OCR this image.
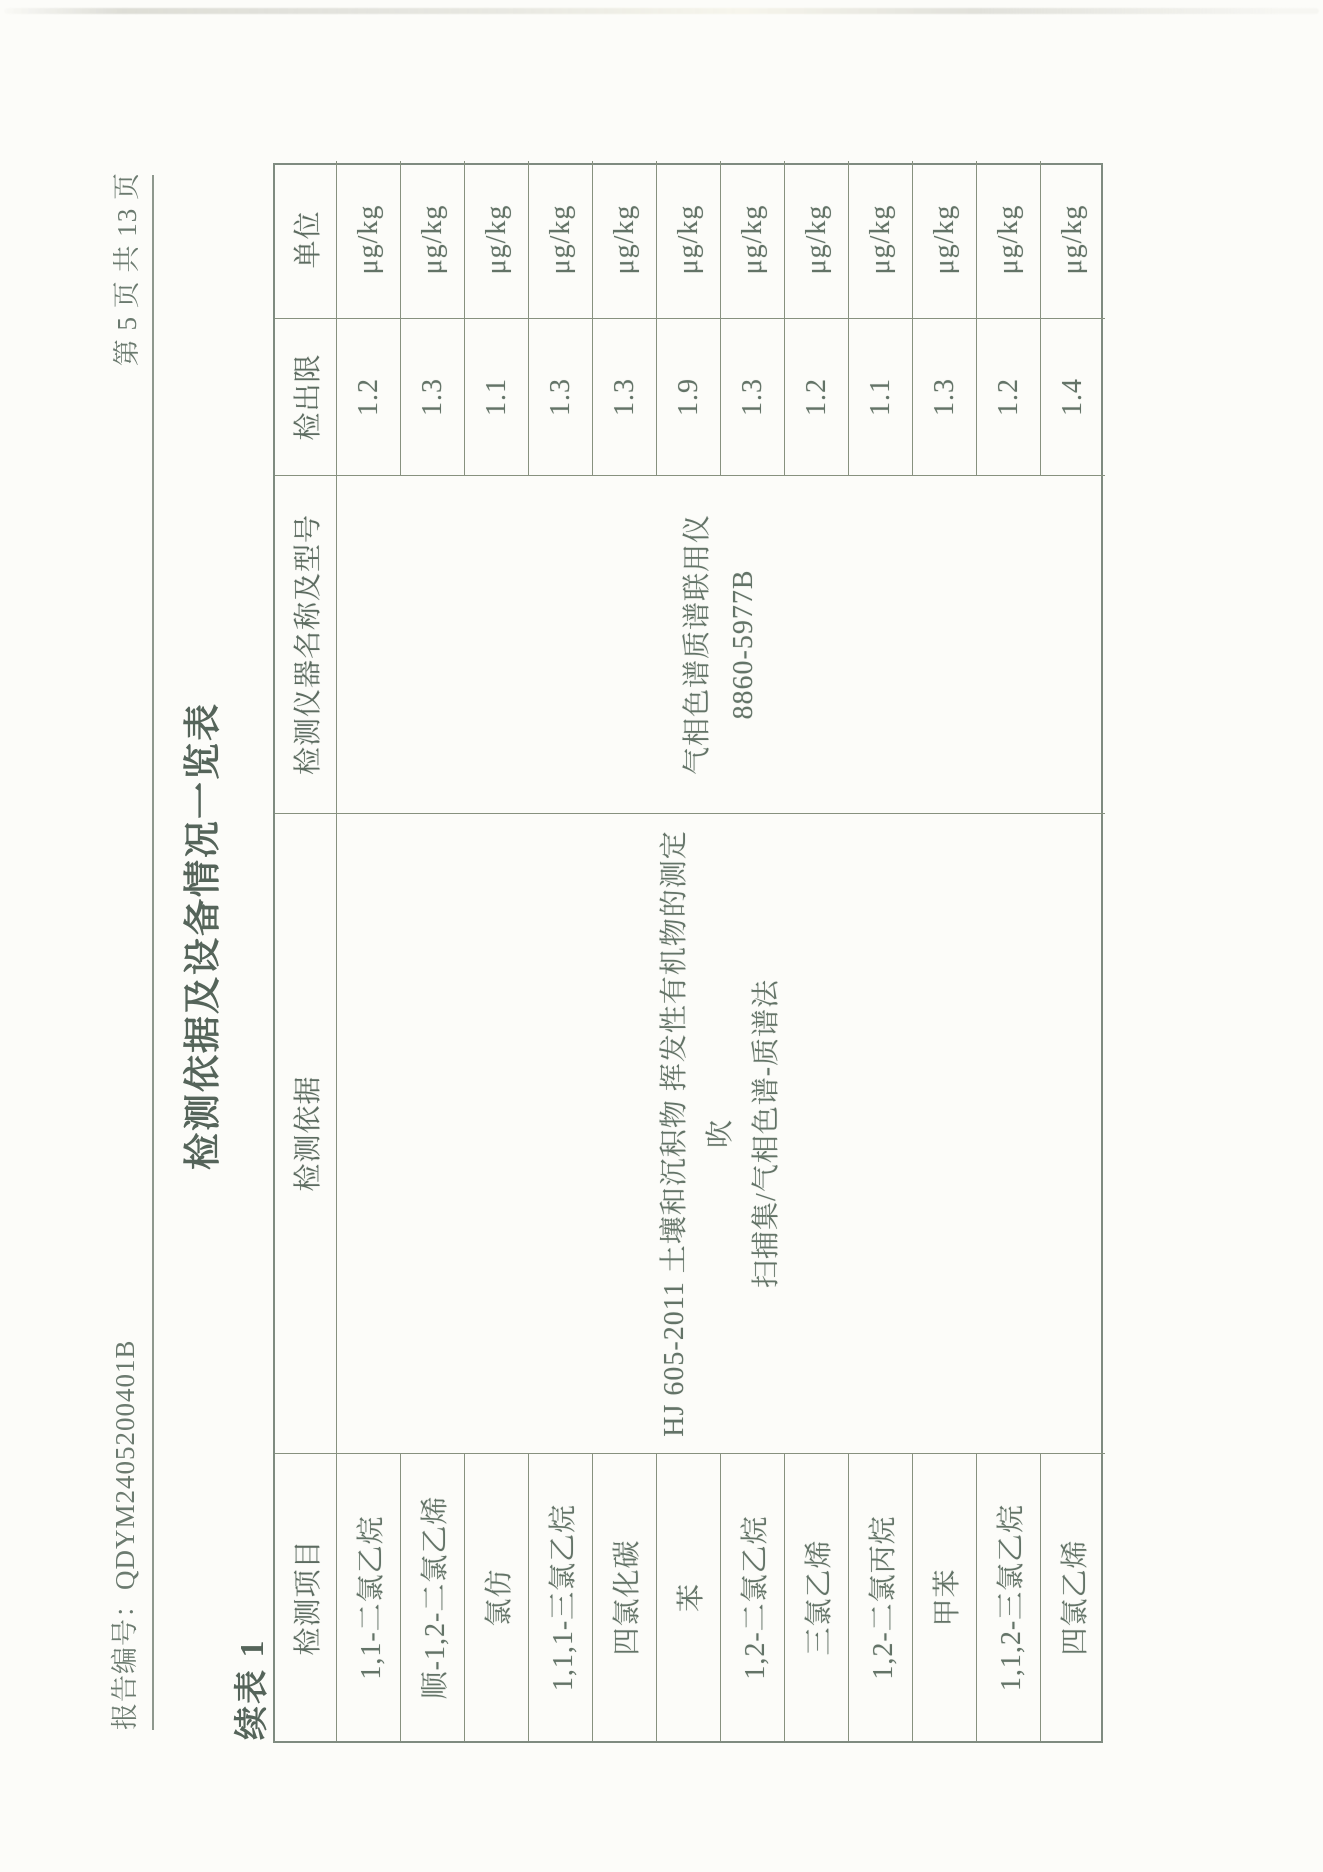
报告编号：QDYM2405200401B
第 5 页 共 13 页
检测依据及设备情况一览表
续表 1
检测项目
检测依据
检测仪器名称及型号
检出限
单位
HJ 605-2011 土壤和沉积物 挥发性有机物的测定 吹 扫捕集/气相色谱-质谱法
气相色谱质谱联用仪 8860-5977B
1,1-二氯乙烷
1.2
μg/kg
顺-1,2-二氯乙烯
1.3
μg/kg
氯仿
1.1
μg/kg
1,1,1-三氯乙烷
1.3
μg/kg
四氯化碳
1.3
μg/kg
苯
1.9
μg/kg
1,2-二氯乙烷
1.3
μg/kg
三氯乙烯
1.2
μg/kg
1,2-二氯丙烷
1.1
μg/kg
甲苯
1.3
μg/kg
1,1,2-三氯乙烷
1.2
μg/kg
四氯乙烯
1.4
μg/kg
